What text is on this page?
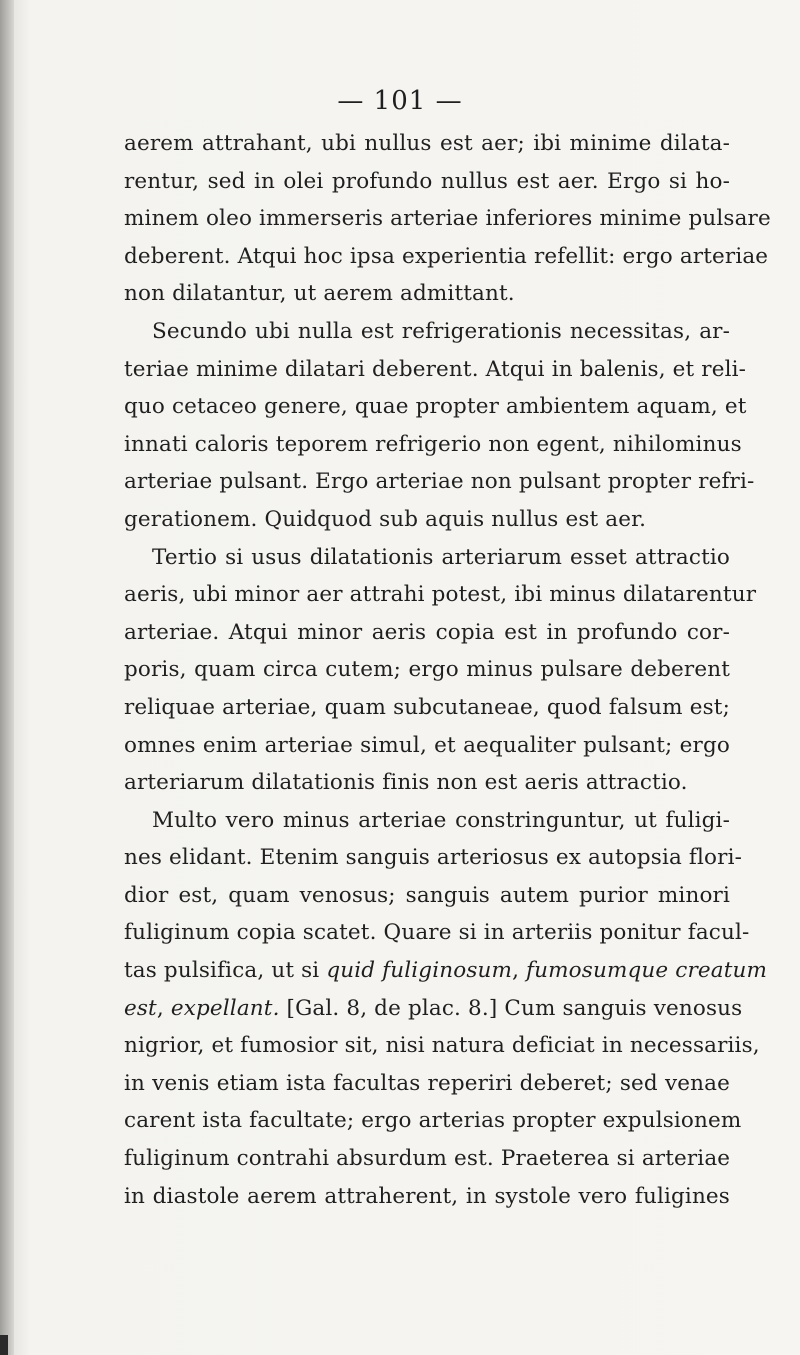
— 101 —
aerem attrahant, ubi nullus est aer; ibi minime dilata-
rentur, sed in olei profundo nullus est aer. Ergo si ho-
minem oleo immerseris arteriae inferiores minime pulsare
deberent. Atqui hoc ipsa experientia refellit: ergo arteriae
non dilatantur, ut aerem admittant.
Secundo ubi nulla est refrigerationis necessitas, ar-
teriae minime dilatari deberent. Atqui in balenis, et reli-
quo cetaceo genere, quae propter ambientem aquam, et
innati caloris teporem refrigerio non egent, nihilominus
arteriae pulsant. Ergo arteriae non pulsant propter refri-
gerationem. Quidquod sub aquis nullus est aer.
Tertio si usus dilatationis arteriarum esset attractio
aeris, ubi minor aer attrahi potest, ibi minus dilatarentur
arteriae. Atqui minor aeris copia est in profundo cor-
poris, quam circa cutem; ergo minus pulsare deberent
reliquae arteriae, quam subcutaneae, quod falsum est;
omnes enim arteriae simul, et aequaliter pulsant; ergo
arteriarum dilatationis finis non est aeris attractio.
Multo vero minus arteriae constringuntur, ut fuligi-
nes elidant. Etenim sanguis arteriosus ex autopsia flori-
dior est, quam venosus; sanguis autem purior minori
fuliginum copia scatet. Quare si in arteriis ponitur facul-
tas pulsifica, ut si quid fuliginosum, fumosumque creatum
est, expellant. [Gal. 8, de plac. 8.] Cum sanguis venosus
nigrior, et fumosior sit, nisi natura deficiat in necessariis,
in venis etiam ista facultas reperiri deberet; sed venae
carent ista facultate; ergo arterias propter expulsionem
fuliginum contrahi absurdum est. Praeterea si arteriae
in diastole aerem attraherent, in systole vero fuligines
